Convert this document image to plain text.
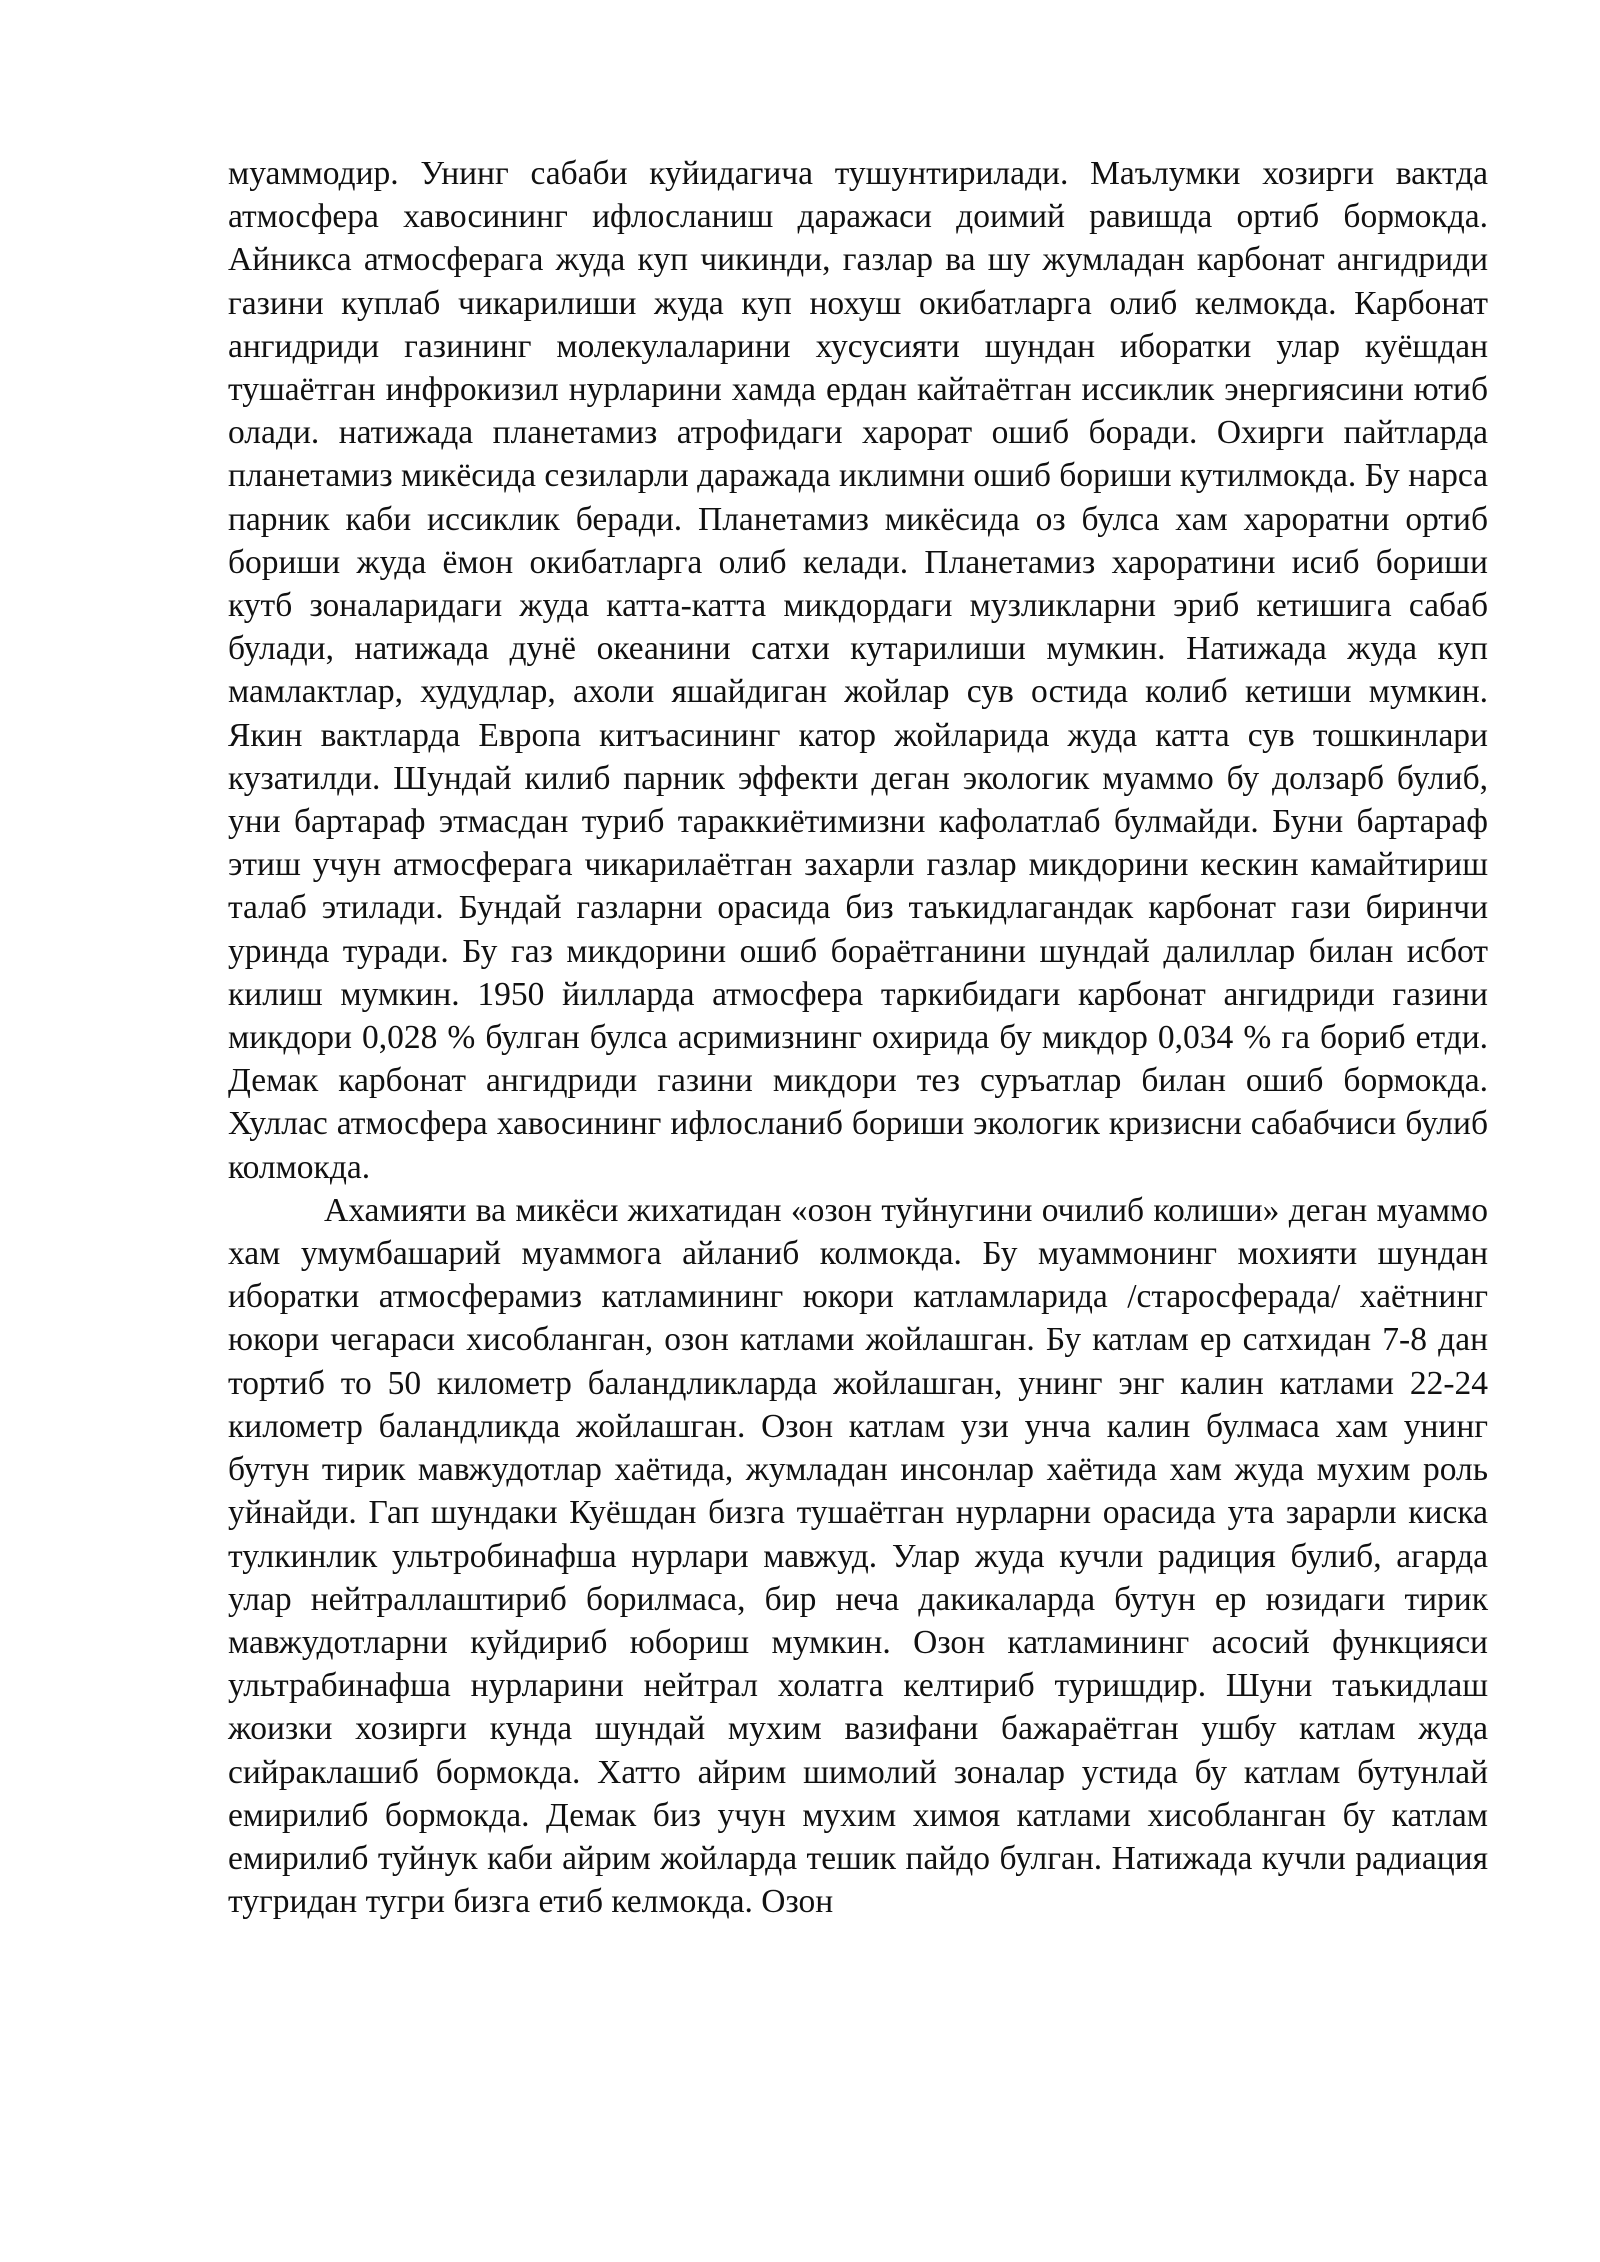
муаммодир. Унинг сабаби куйидагича тушунтирилади. Маълумки хозирги вактда атмосфера хавосининг ифлосланиш даражаси доимий равишда ортиб бормокда. Айникса атмосферага жуда куп чикинди, газлар ва шу жумладан карбонат ангидриди газини куплаб чикарилиши жуда куп нохуш окибатларга олиб келмокда. Карбонат ангидриди газининг молекулаларини хусусияти шундан иборатки улар куёшдан тушаётган инфрокизил нурларини хамда ердан кайтаётган иссиклик энергиясини ютиб олади. натижада планетамиз атрофидаги харорат ошиб боради. Охирги пайтларда планетамиз микёсида сезиларли даражада иклимни ошиб бориши кутилмокда. Бу нарса парник каби иссиклик беради. Планетамиз микёсида оз булса хам хароратни ортиб бориши жуда ёмон окибатларга олиб келади. Планетамиз хароратини исиб бориши кутб зоналаридаги жуда катта-катта микдордаги музликларни эриб кетишига сабаб булади, натижада дунё океанини сатхи кутарилиши мумкин. Натижада жуда куп мамлактлар, худудлар, ахоли яшайдиган жойлар сув остида колиб кетиши мумкин. Якин вактларда Европа китъасининг катор жойларида жуда катта сув тошкинлари кузатилди. Шундай килиб парник эффекти деган экологик муаммо бу долзарб булиб, уни бартараф этмасдан туриб тараккиётимизни кафолатлаб булмайди. Буни бартараф этиш учун атмосферага чикарилаётган захарли газлар микдорини кескин камайтириш талаб этилади. Бундай газларни орасида биз таъкидлагандак карбонат гази биринчи уринда туради. Бу газ микдорини ошиб бораётганини шундай далиллар билан исбот килиш мумкин. 1950 йилларда атмосфера таркибидаги карбонат ангидриди газини микдори 0,028 % булган булса асримизнинг охирида бу микдор 0,034 % га бориб етди. Демак карбонат ангидриди газини микдори тез суръатлар билан ошиб бормокда. Хуллас атмосфера хавосининг ифлосланиб бориши экологик кризисни сабабчиси булиб колмокда.

Ахамияти ва микёси жихатидан «озон туйнугини очилиб колиши» деган муаммо хам умумбашарий муаммога айланиб колмокда. Бу муаммонинг мохияти шундан иборатки атмосферамиз катламининг юкори катламларида /старосферада/ хаётнинг юкори чегараси хисобланган, озон катлами жойлашган. Бу катлам ер сатхидан 7-8 дан тортиб то 50 километр баландликларда жойлашган, унинг энг калин катлами 22-24 километр баландликда жойлашган. Озон катлам узи унча калин булмаса хам унинг бутун тирик мавжудотлар хаётида, жумладан инсонлар хаётида хам жуда мухим роль уйнайди. Гап шундаки Куёшдан бизга тушаётган нурларни орасида ута зарарли киска тулкинлик ультробинафша нурлари мавжуд. Улар жуда кучли радиция булиб, агарда улар нейтраллаштириб борилмаса, бир неча дакикаларда бутун ер юзидаги тирик мавжудотларни куйдириб юбориш мумкин. Озон катламининг асосий функцияси ультрабинафша нурларини нейтрал холатга келтириб туришдир. Шуни таъкидлаш жоизки хозирги кунда шундай мухим вазифани бажараётган ушбу катлам жуда сийраклашиб бормокда. Хатто айрим шимолий зоналар устида бу катлам бутунлай емирилиб бормокда. Демак биз учун мухим химоя катлами хисобланган бу катлам емирилиб туйнук каби айрим жойларда тешик пайдо булган. Натижада кучли радиация тугридан тугри бизга етиб келмокда. Озон
